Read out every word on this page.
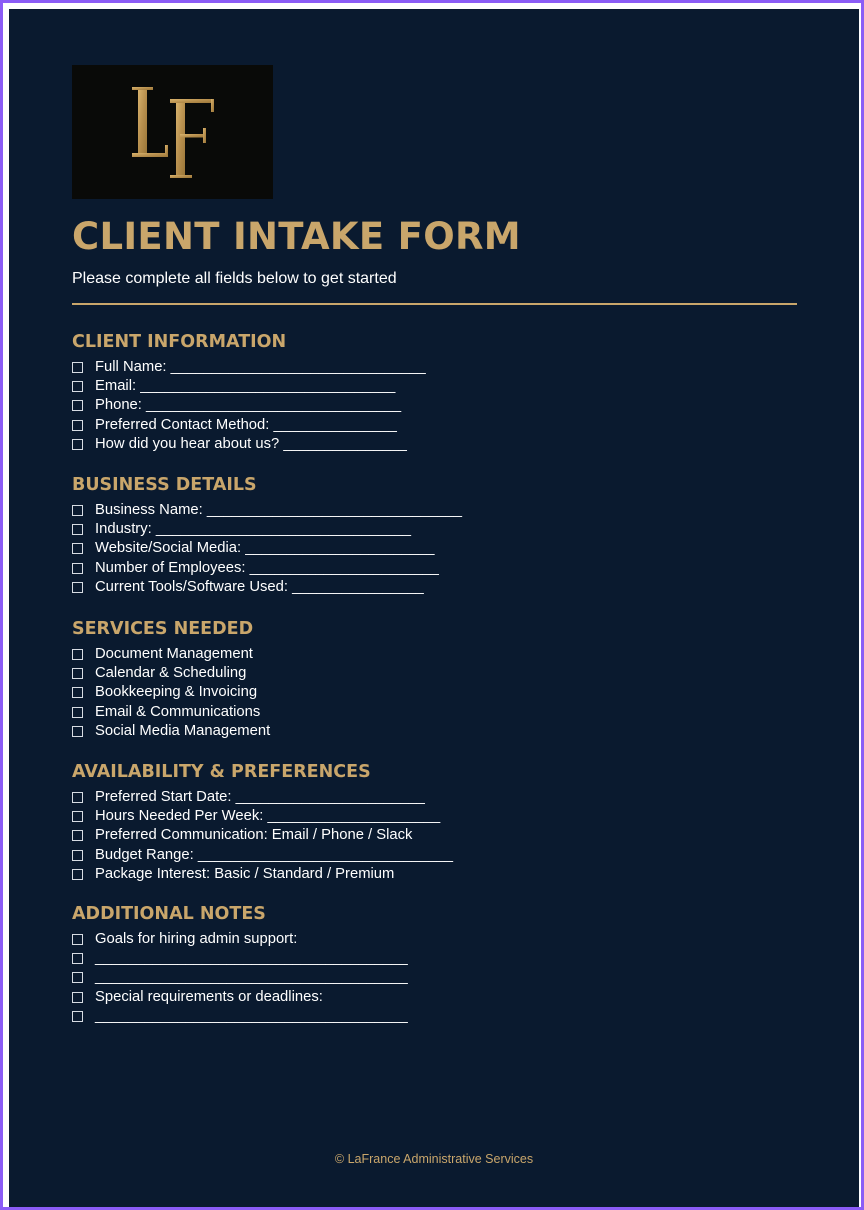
CLIENT INTAKE FORM

Please complete all fields below to get started

CLIENT INFORMATION
Full Name: _______________________________
Email: _______________________________
Phone: _______________________________
Preferred Contact Method: _______________
How did you hear about us? _______________
BUSINESS DETAILS
Business Name: _______________________________
Industry: _______________________________
Website/Social Media: _______________________
Number of Employees: _______________________
Current Tools/Software Used: ________________
SERVICES NEEDED
Document Management
Calendar & Scheduling
Bookkeeping & Invoicing
Email & Communications
Social Media Management
AVAILABILITY & PREFERENCES
Preferred Start Date: _______________________
Hours Needed Per Week: _____________________
Preferred Communication: Email / Phone / Slack
Budget Range: _______________________________
Package Interest: Basic / Standard / Premium
ADDITIONAL NOTES
Goals for hiring admin support:
______________________________________
______________________________________
Special requirements or deadlines:
______________________________________
© LaFrance Administrative Services
